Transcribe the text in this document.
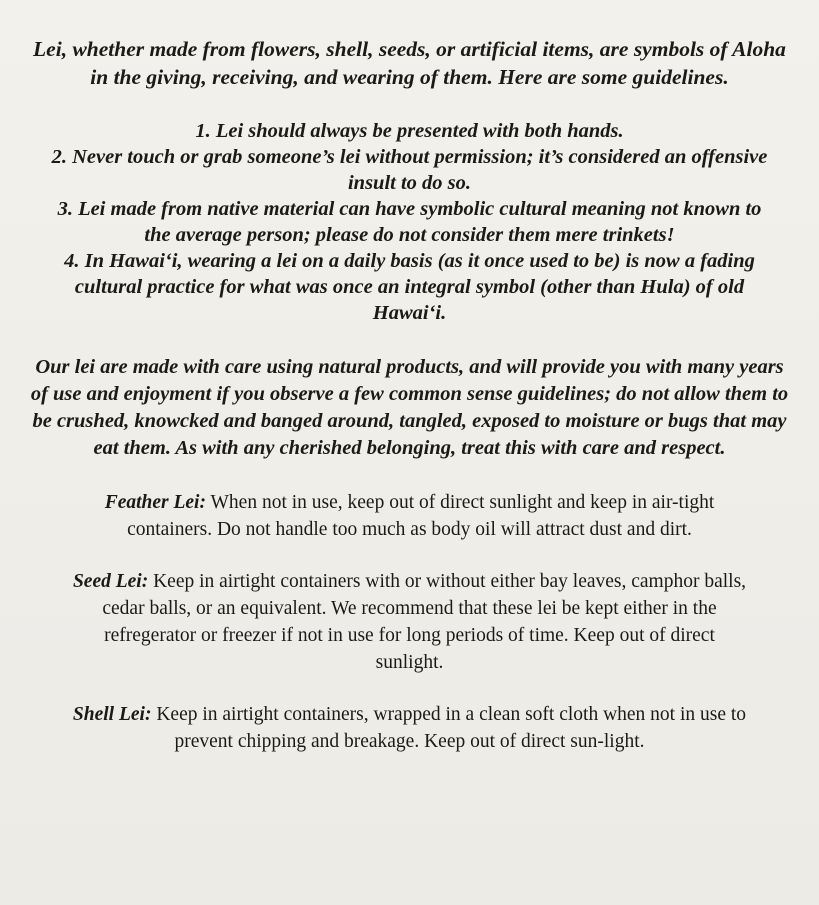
Lei, whether made from flowers, shell, seeds, or artificial items, are symbols of Aloha in the giving, receiving, and wearing of them. Here are some guidelines.

1. Lei should always be presented with both hands.

2. Never touch or grab someone’s lei without permission; it’s considered an offensive insult to do so.

3. Lei made from native material can have symbolic cultural meaning not known to the average person; please do not consider them mere trinkets!

4. In Hawai‘i, wearing a lei on a daily basis (as it once used to be) is now a fading cultural practice for what was once an integral symbol (other than Hula) of old Hawai‘i.

Our lei are made with care using natural products, and will provide you with many years of use and enjoyment if you observe a few common sense guidelines; do not allow them to be crushed, knowcked and banged around, tangled, exposed to moisture or bugs that may eat them. As with any cherished belonging, treat this with care and respect.

Feather Lei: When not in use, keep out of direct sunlight and keep in air-tight containers. Do not handle too much as body oil will attract dust and dirt.

Seed Lei: Keep in airtight containers with or without either bay leaves, camphor balls, cedar balls, or an equivalent. We recommend that these lei be kept either in the refregerator or freezer if not in use for long periods of time. Keep out of direct sunlight.

Shell Lei: Keep in airtight containers, wrapped in a clean soft cloth when not in use to prevent chipping and breakage. Keep out of direct sun-light.
